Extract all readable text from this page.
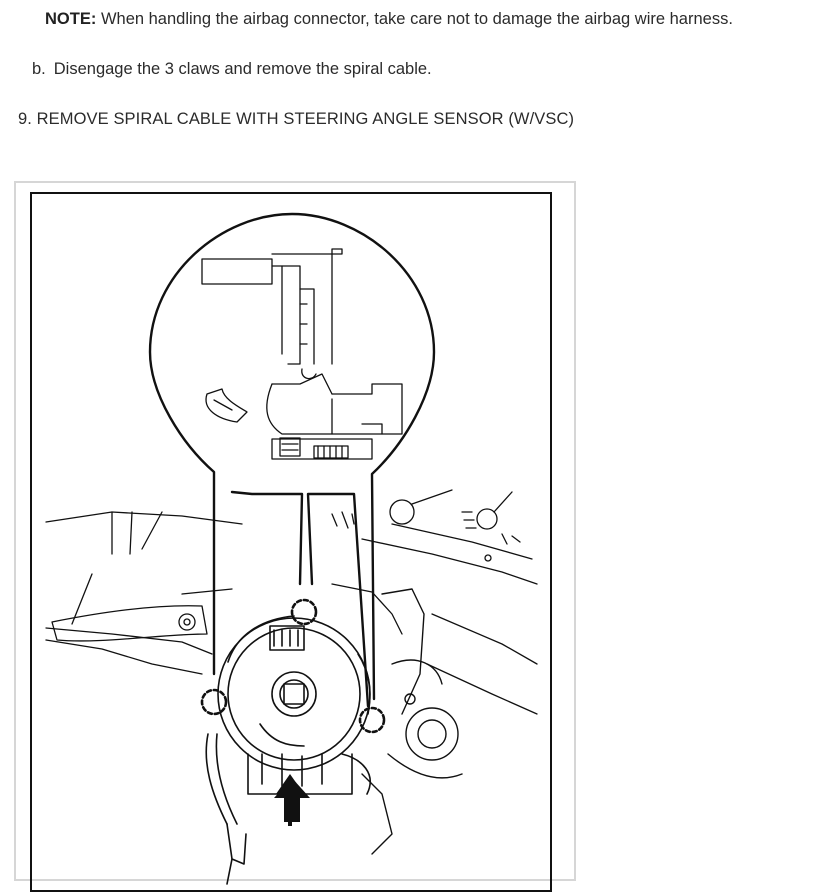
NOTE: When handling the airbag connector, take care not to damage the airbag wire harness.
b. Disengage the 3 claws and remove the spiral cable.
9. REMOVE SPIRAL CABLE WITH STEERING ANGLE SENSOR (W/VSC)
